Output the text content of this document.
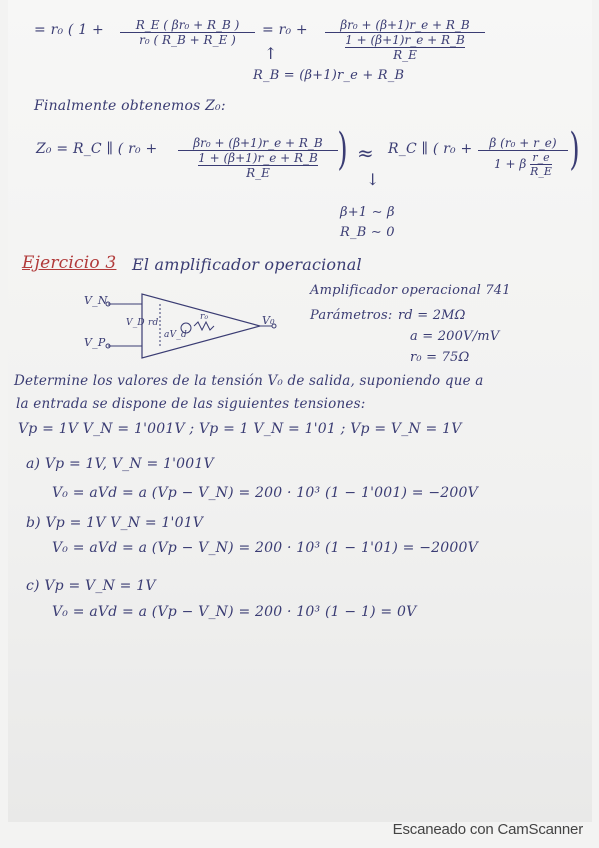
= r₀ ( $1 + \frac{\text{R\_E ( βr₀ + R\_B )}}{\text{r₀ ( R\_B + R\_E )}} = r_0$ +	βr₀ + (β+1)r_e + R_B
1 + (β+1)r_e + R_B
R_E
↑
R_B = (β+1)r_e + R_B
Finalmente obtenemos Z₀:
Z₀ = R_C ∥ ( r₀ +	βr₀ + (β+1)r_e + R_B
1 + (β+1)r_e + R_B
R_E	) ≈ R_C ∥ ( $r_0 + \frac{\text{β (r₀ + r\_e)}}{1 + \beta \frac{r\_e}{R\_E}}$ )
↓
β+1 ∼ β
R_B ∼ 0
Ejercicio 3 El amplificador operacional
V_N
V_P
V_D rd
aV_d
r₀	V₀
Amplificador operacional 741
Parámetros: rd = 2MΩ
a = 200V/mV
r₀ = 75Ω
Determine los valores de la tensión V₀ de salida, suponiendo que a
la entrada se dispone de las siguientes tensiones:
Vp = 1V V_N = 1'001V ; Vp = 1 V_N = 1'01 ; Vp = V_N = 1V
a) Vp = 1V, V_N = 1'001V
V₀ = aVd = a (Vp − V_N) = 200 · 10³ (1 − 1'001) = −200V
b) Vp = 1V V_N = 1'01V
V₀ = aVd = a (Vp − V_N) = 200 · 10³ (1 − 1'01) = −2000V
c) Vp = V_N = 1V
V₀ = aVd = a (Vp − V_N) = 200 · 10³ (1 − 1) = 0V
Escaneado con CamScanner
